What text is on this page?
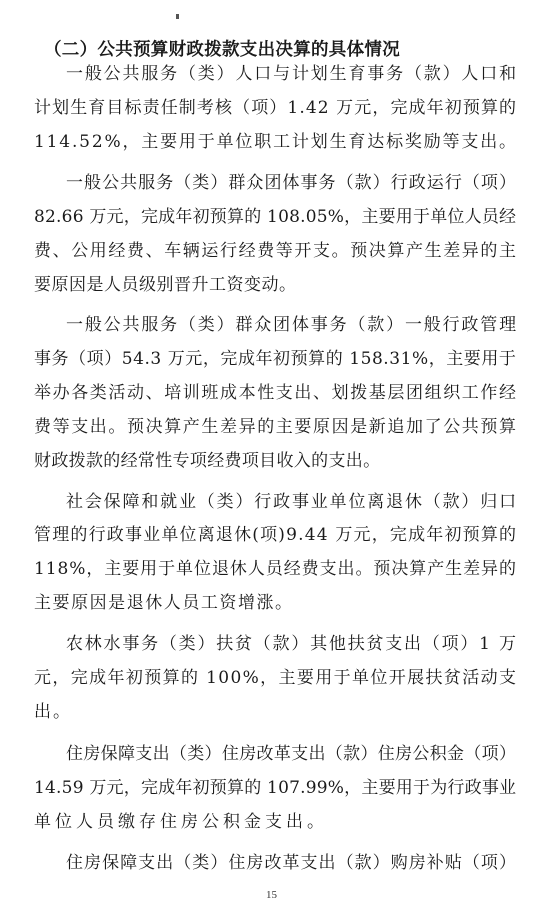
（二）公共预算财政拨款支出决算的具体情况
一般公共服务（类）人口与计划生育事务（款）人口和
计划生育目标责任制考核（项）1.42 万元，完成年初预算的
114.52%，主要用于单位职工计划生育达标奖励等支出。
一般公共服务（类）群众团体事务（款）行政运行（项）
82.66 万元，完成年初预算的 108.05%，主要用于单位人员经
费、公用经费、车辆运行经费等开支。预决算产生差异的主
要原因是人员级别晋升工资变动。
一般公共服务（类）群众团体事务（款）一般行政管理
事务（项）54.3 万元，完成年初预算的 158.31%，主要用于
举办各类活动、培训班成本性支出、划拨基层团组织工作经
费等支出。预决算产生差异的主要原因是新追加了公共预算
财政拨款的经常性专项经费项目收入的支出。
社会保障和就业（类）行政事业单位离退休（款）归口
管理的行政事业单位离退休(项)9.44 万元，完成年初预算的
118%，主要用于单位退休人员经费支出。预决算产生差异的
主要原因是退休人员工资增涨。
农林水事务（类）扶贫（款）其他扶贫支出（项）1 万
元，完成年初预算的 100%，主要用于单位开展扶贫活动支
出。
住房保障支出（类）住房改革支出（款）住房公积金（项）
14.59 万元，完成年初预算的 107.99%，主要用于为行政事业
单位人员缴存住房公积金支出。
住房保障支出（类）住房改革支出（款）购房补贴（项）
15
